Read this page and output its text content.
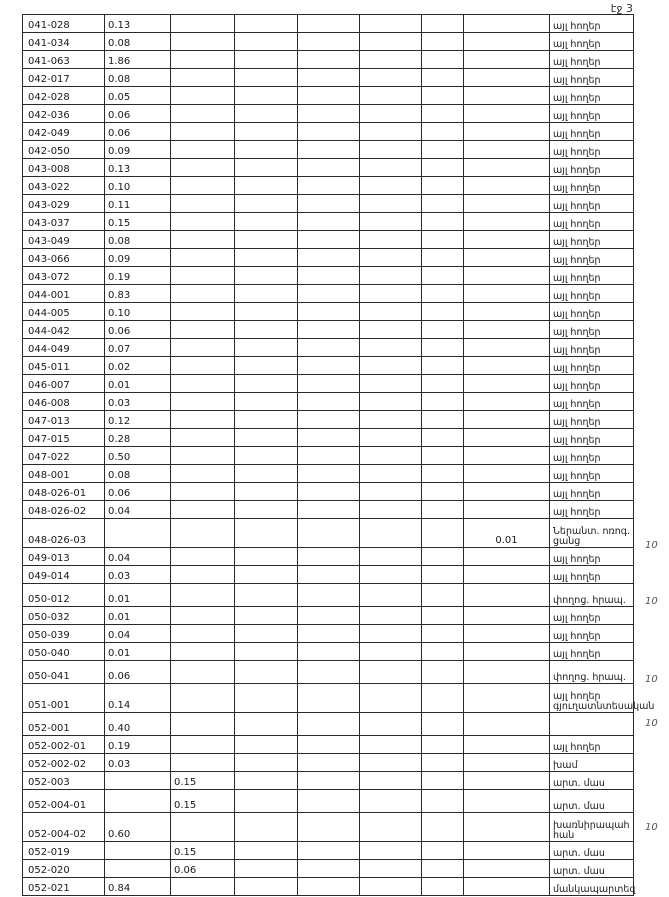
էջ 3
041-028	0.13							այլ հողեր
041-034	0.08							այլ հողեր
041-063	1.86							այլ հողեր
042-017	0.08							այլ հողեր
042-028	0.05							այլ հողեր
042-036	0.06							այլ հողեր
042-049	0.06							այլ հողեր
042-050	0.09							այլ հողեր
043-008	0.13							այլ հողեր
043-022	0.10							այլ հողեր
043-029	0.11							այլ հողեր
043-037	0.15							այլ հողեր
043-049	0.08							այլ հողեր
043-066	0.09							այլ հողեր
043-072	0.19							այլ հողեր
044-001	0.83							այլ հողեր
044-005	0.10							այլ հողեր
044-042	0.06							այլ հողեր
044-049	0.07							այլ հողեր
045-011	0.02							այլ հողեր
046-007	0.01							այլ հողեր
046-008	0.03							այլ հողեր
047-013	0.12							այլ հողեր
047-015	0.28							այլ հողեր
047-022	0.50							այլ հողեր
048-001	0.08							այլ հողեր
048-026-01	0.06							այլ հողեր
048-026-02	0.04							այլ հողեր
048-026-03							0.01	Ներանտ. ոռոգ. ցանց
049-013	0.04							այլ հողեր
049-014	0.03							այլ հողեր
050-012	0.01							փողոց. հրապ.
050-032	0.01							այլ հողեր
050-039	0.04							այլ հողեր
050-040	0.01							այլ հողեր
050-041	0.06							փողոց. հրապ.
051-001	0.14							այլ հողեր գյուղատնտեսական
052-001	0.40							
052-002-01	0.19							այլ հողեր
052-002-02	0.03							խամ
052-003		0.15						արտ. մաս
052-004-01		0.15						արտ. մաս
052-004-02	0.60							խառնիրապահ հան
052-019		0.15						արտ. մաս
052-020		0.06						արտ. մաս
052-021	0.84							մանկապարտեզ
10
10
10
10
10
